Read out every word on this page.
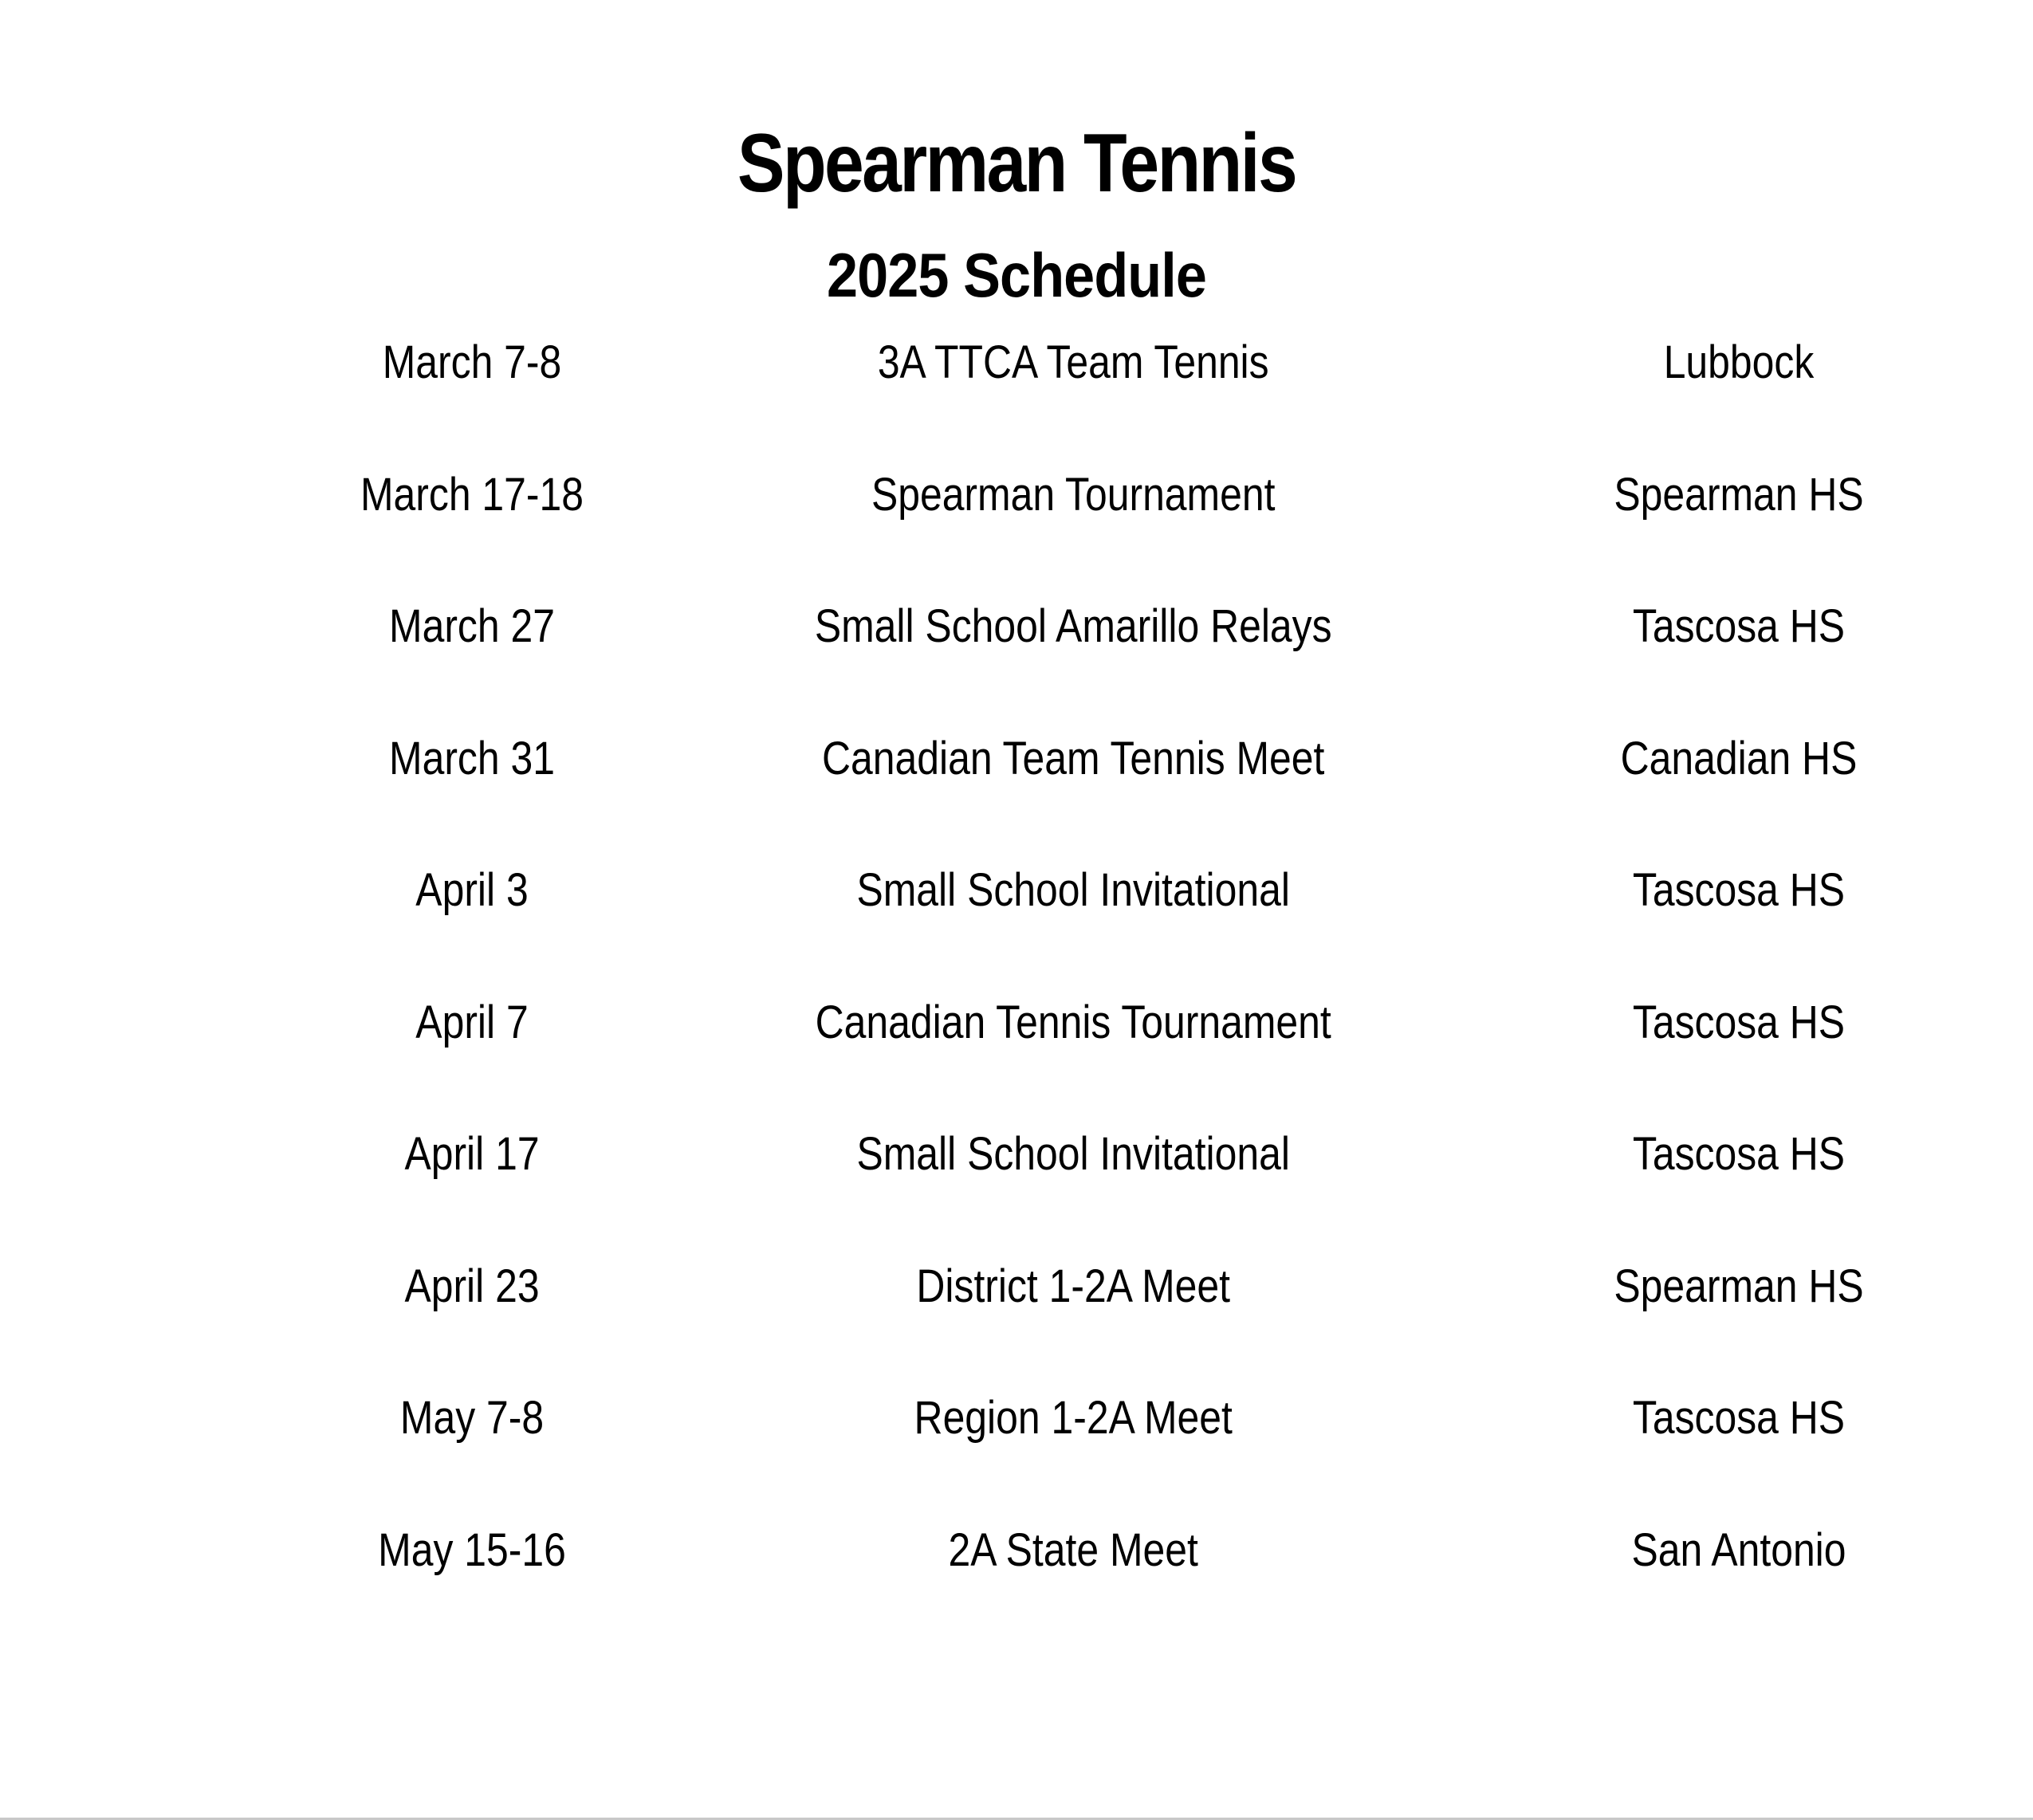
Spearman Tennis
2025 Schedule
March 7-8	3A TTCA Team Tennis	Lubbock
March 17-18	Spearman Tournament	Spearman HS
March 27	Small School Amarillo Relays	Tascosa HS
March 31	Canadian Team Tennis Meet	Canadian HS
April 3	Small School Invitational	Tascosa HS
April 7	Canadian Tennis Tournament	Tascosa HS
April 17	Small School Invitational	Tascosa HS
April 23	District 1-2A Meet	Spearman HS
May 7-8	Region 1-2A Meet	Tascosa HS
May 15-16	2A State Meet	San Antonio
